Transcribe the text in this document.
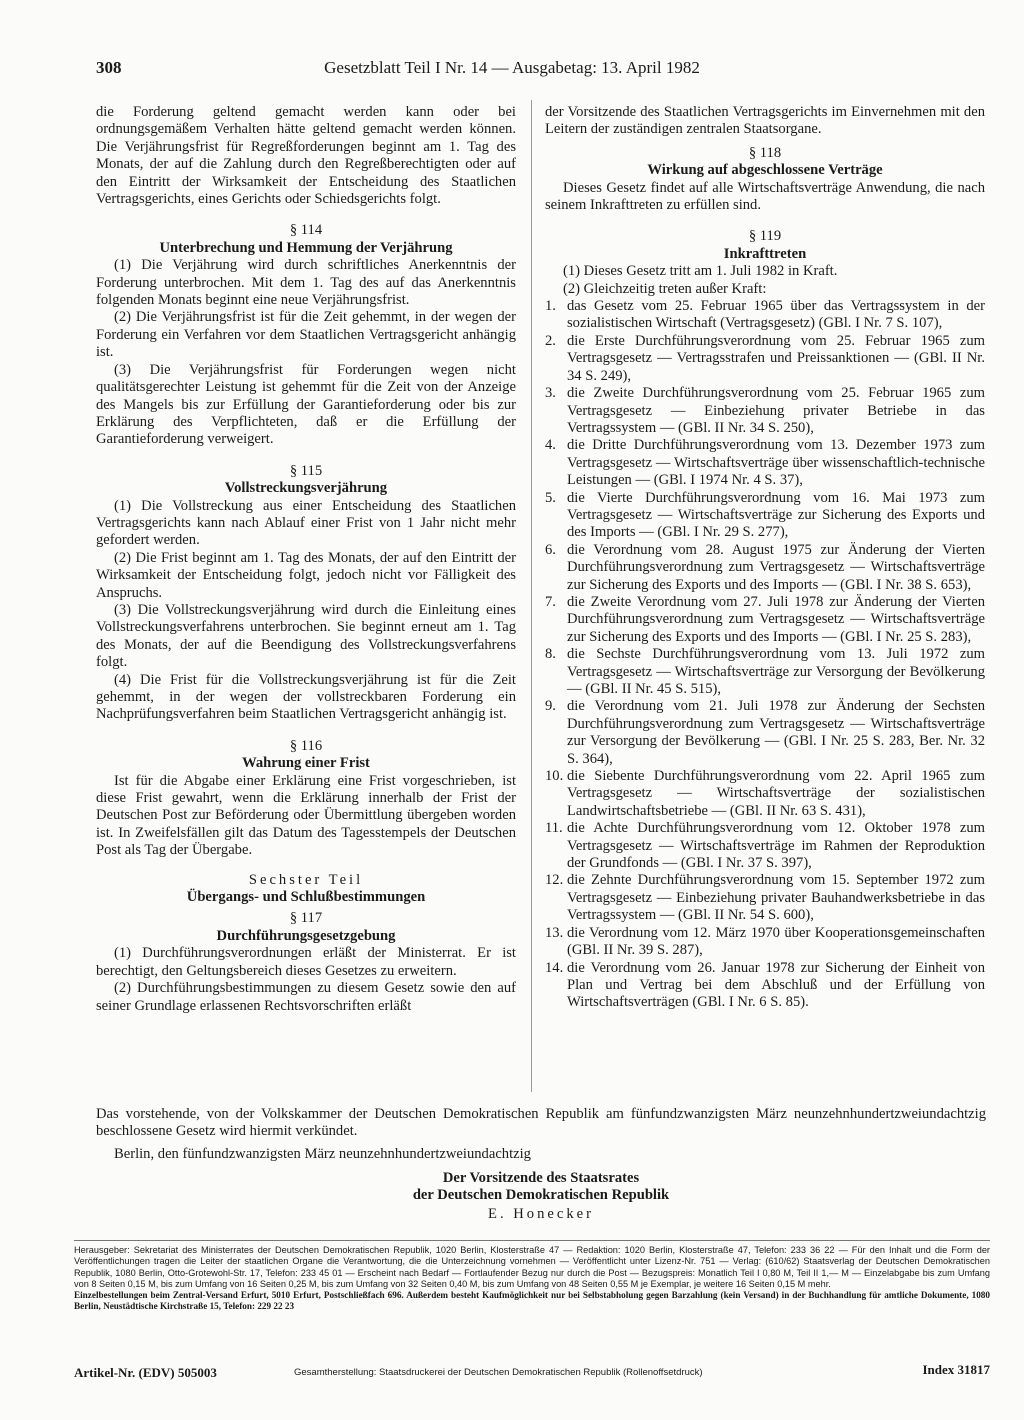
308	Gesetzblatt Teil I Nr. 14 — Ausgabetag: 13. April 1982

die Forderung geltend gemacht werden kann oder bei ordnungsgemäßem Verhalten hätte geltend gemacht werden können. Die Verjährungsfrist für Regreßforderungen beginnt am 1. Tag des Monats, der auf die Zahlung durch den Regreßberechtigten oder auf den Eintritt der Wirksamkeit der Entscheidung des Staatlichen Vertragsgerichts, eines Gerichts oder Schiedsgerichts folgt.

§ 114
Unterbrechung und Hemmung der Verjährung

(1) Die Verjährung wird durch schriftliches Anerkenntnis der Forderung unterbrochen. Mit dem 1. Tag des auf das Anerkenntnis folgenden Monats beginnt eine neue Verjährungsfrist.

(2) Die Verjährungsfrist ist für die Zeit gehemmt, in der wegen der Forderung ein Verfahren vor dem Staatlichen Vertragsgericht anhängig ist.

(3) Die Verjährungsfrist für Forderungen wegen nicht qualitätsgerechter Leistung ist gehemmt für die Zeit von der Anzeige des Mangels bis zur Erfüllung der Garantieforderung oder bis zur Erklärung des Verpflichteten, daß er die Erfüllung der Garantieforderung verweigert.

§ 115
Vollstreckungsverjährung

(1) Die Vollstreckung aus einer Entscheidung des Staatlichen Vertragsgerichts kann nach Ablauf einer Frist von 1 Jahr nicht mehr gefordert werden.

(2) Die Frist beginnt am 1. Tag des Monats, der auf den Eintritt der Wirksamkeit der Entscheidung folgt, jedoch nicht vor Fälligkeit des Anspruchs.

(3) Die Vollstreckungsverjährung wird durch die Einleitung eines Vollstreckungsverfahrens unterbrochen. Sie beginnt erneut am 1. Tag des Monats, der auf die Beendigung des Vollstreckungsverfahrens folgt.

(4) Die Frist für die Vollstreckungsverjährung ist für die Zeit gehemmt, in der wegen der vollstreckbaren Forderung ein Nachprüfungsverfahren beim Staatlichen Vertragsgericht anhängig ist.

§ 116
Wahrung einer Frist

Ist für die Abgabe einer Erklärung eine Frist vorgeschrieben, ist diese Frist gewahrt, wenn die Erklärung innerhalb der Frist der Deutschen Post zur Beförderung oder Übermittlung übergeben worden ist. In Zweifelsfällen gilt das Datum des Tagesstempels der Deutschen Post als Tag der Übergabe.

Sechster Teil
Übergangs- und Schlußbestimmungen
§ 117
Durchführungsgesetzgebung

(1) Durchführungsverordnungen erläßt der Ministerrat. Er ist berechtigt, den Geltungsbereich dieses Gesetzes zu erweitern.

(2) Durchführungsbestimmungen zu diesem Gesetz sowie den auf seiner Grundlage erlassenen Rechtsvorschriften erläßt

der Vorsitzende des Staatlichen Vertragsgerichts im Einvernehmen mit den Leitern der zuständigen zentralen Staatsorgane.

§ 118
Wirkung auf abgeschlossene Verträge

Dieses Gesetz findet auf alle Wirtschaftsverträge Anwendung, die nach seinem Inkrafttreten zu erfüllen sind.

§ 119
Inkrafttreten

(1) Dieses Gesetz tritt am 1. Juli 1982 in Kraft.

(2) Gleichzeitig treten außer Kraft:

1. das Gesetz vom 25. Februar 1965 über das Vertragssystem in der sozialistischen Wirtschaft (Vertragsgesetz) (GBl. I Nr. 7 S. 107),
2. die Erste Durchführungsverordnung vom 25. Februar 1965 zum Vertragsgesetz — Vertragsstrafen und Preissanktionen — (GBl. II Nr. 34 S. 249),
3. die Zweite Durchführungsverordnung vom 25. Februar 1965 zum Vertragsgesetz — Einbeziehung privater Betriebe in das Vertragssystem — (GBl. II Nr. 34 S. 250),
4. die Dritte Durchführungsverordnung vom 13. Dezember 1973 zum Vertragsgesetz — Wirtschaftsverträge über wissenschaftlich-technische Leistungen — (GBl. I 1974 Nr. 4 S. 37),
5. die Vierte Durchführungsverordnung vom 16. Mai 1973 zum Vertragsgesetz — Wirtschaftsverträge zur Sicherung des Exports und des Imports — (GBl. I Nr. 29 S. 277),
6. die Verordnung vom 28. August 1975 zur Änderung der Vierten Durchführungsverordnung zum Vertragsgesetz — Wirtschaftsverträge zur Sicherung des Exports und des Imports — (GBl. I Nr. 38 S. 653),
7. die Zweite Verordnung vom 27. Juli 1978 zur Änderung der Vierten Durchführungsverordnung zum Vertragsgesetz — Wirtschaftsverträge zur Sicherung des Exports und des Imports — (GBl. I Nr. 25 S. 283),
8. die Sechste Durchführungsverordnung vom 13. Juli 1972 zum Vertragsgesetz — Wirtschaftsverträge zur Versorgung der Bevölkerung — (GBl. II Nr. 45 S. 515),
9. die Verordnung vom 21. Juli 1978 zur Änderung der Sechsten Durchführungsverordnung zum Vertragsgesetz — Wirtschaftsverträge zur Versorgung der Bevölkerung — (GBl. I Nr. 25 S. 283, Ber. Nr. 32 S. 364),
10. die Siebente Durchführungsverordnung vom 22. April 1965 zum Vertragsgesetz — Wirtschaftsverträge der sozialistischen Landwirtschaftsbetriebe — (GBl. II Nr. 63 S. 431),
11. die Achte Durchführungsverordnung vom 12. Oktober 1978 zum Vertragsgesetz — Wirtschaftsverträge im Rahmen der Reproduktion der Grundfonds — (GBl. I Nr. 37 S. 397),
12. die Zehnte Durchführungsverordnung vom 15. September 1972 zum Vertragsgesetz — Einbeziehung privater Bauhandwerksbetriebe in das Vertragssystem — (GBl. II Nr. 54 S. 600),
13. die Verordnung vom 12. März 1970 über Kooperationsgemeinschaften (GBl. II Nr. 39 S. 287),
14. die Verordnung vom 26. Januar 1978 zur Sicherung der Einheit von Plan und Vertrag bei dem Abschluß und der Erfüllung von Wirtschaftsverträgen (GBl. I Nr. 6 S. 85).
Das vorstehende, von der Volkskammer der Deutschen Demokratischen Republik am fünfundzwanzigsten März neunzehnhundertzweiundachtzig beschlossene Gesetz wird hiermit verkündet.
Berlin, den fünfundzwanzigsten März neunzehnhundertzweiundachtzig
Der Vorsitzende des Staatsrates
der Deutschen Demokratischen Republik
E. Honecker
Herausgeber: Sekretariat des Ministerrates der Deutschen Demokratischen Republik, 1020 Berlin, Klosterstraße 47 — Redaktion: 1020 Berlin, Klosterstraße 47, Telefon: 233 36 22 — Für den Inhalt und die Form der Veröffentlichungen tragen die Leiter der staatlichen Organe die Verantwortung, die die Unterzeichnung vornehmen — Veröffentlicht unter Lizenz-Nr. 751 — Verlag: (610/62) Staatsverlag der Deutschen Demokratischen Republik, 1080 Berlin, Otto-Grotewohl-Str. 17, Telefon: 233 45 01 — Erscheint nach Bedarf — Fortlaufender Bezug nur durch die Post — Bezugspreis: Monatlich Teil I 0,80 M, Teil II 1,— M — Einzelabgabe bis zum Umfang von 8 Seiten 0,15 M, bis zum Umfang von 16 Seiten 0,25 M, bis zum Umfang von 32 Seiten 0,40 M, bis zum Umfang von 48 Seiten 0,55 M je Exemplar, je weitere 16 Seiten 0,15 M mehr.
Einzelbestellungen beim Zentral-Versand Erfurt, 5010 Erfurt, Postschließfach 696. Außerdem besteht Kaufmöglichkeit nur bei Selbstabholung gegen Barzahlung (kein Versand) in der Buchhandlung für amtliche Dokumente, 1080 Berlin, Neustädtische Kirchstraße 15, Telefon: 229 22 23
Artikel-Nr. (EDV) 505003	Gesamtherstellung: Staatsdruckerei der Deutschen Demokratischen Republik (Rollenoffsetdruck)	Index 31817
